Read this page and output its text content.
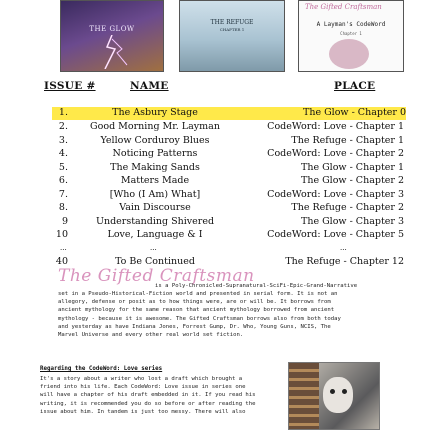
THE GLOW
THE REFUGE
CHAPTER 1
The Gifted Craftsman
A Layman's CodeWord
Chapter 1
ISSUE #	NAME	PLACE
1.	The Asbury Stage	The Glow - Chapter 0
2.	Good Morning Mr. Layman	CodeWord: Love - Chapter 1
3.	Yellow Corduroy Blues	The Refuge - Chapter 1
4.	Noticing Patterns	CodeWord: Love - Chapter 2
5.	The Making Sands	The Glow - Chapter 1
6.	Matters Made	The Glow - Chapter 2
7.	[Who (I Am) What]	CodeWord: Love - Chapter 3
8.	Vain Discourse	The Refuge - Chapter 2
9	Understanding Shivered	The Glow - Chapter 3
10	Love, Language & I	CodeWord: Love - Chapter 5
...	...	...
40	To Be Continued	The Refuge - Chapter 12
The Gifted Craftsman
is a Poly-Chronicled-Supranatural-SciFi-Epic-Grand-Narrative
set in a Pseudo-Historical-Fiction world and presented in serial form. It is not an
allegory, defense or posit as to how things were, are or will be. It borrows from
ancient mythology for the same reason that ancient mythology borrowed from ancient
mythology - because it is awesome. The Gifted Craftsman borrows also from both today
and yesterday as have Indiana Jones, Forrest Gump, Dr. Who, Young Guns, NCIS, The
Marvel Universe and every other real world set fiction.
Regarding the CodeWord: Love series
It's a story about a writer who lost a draft which brought a
friend into his life. Each CodeWord: Love issue in series one
will have a chapter of his draft embedded in it. If you read his
writing, it is recommended you do so before or after reading the
issue about him. In tandem is just too messy. There will also
